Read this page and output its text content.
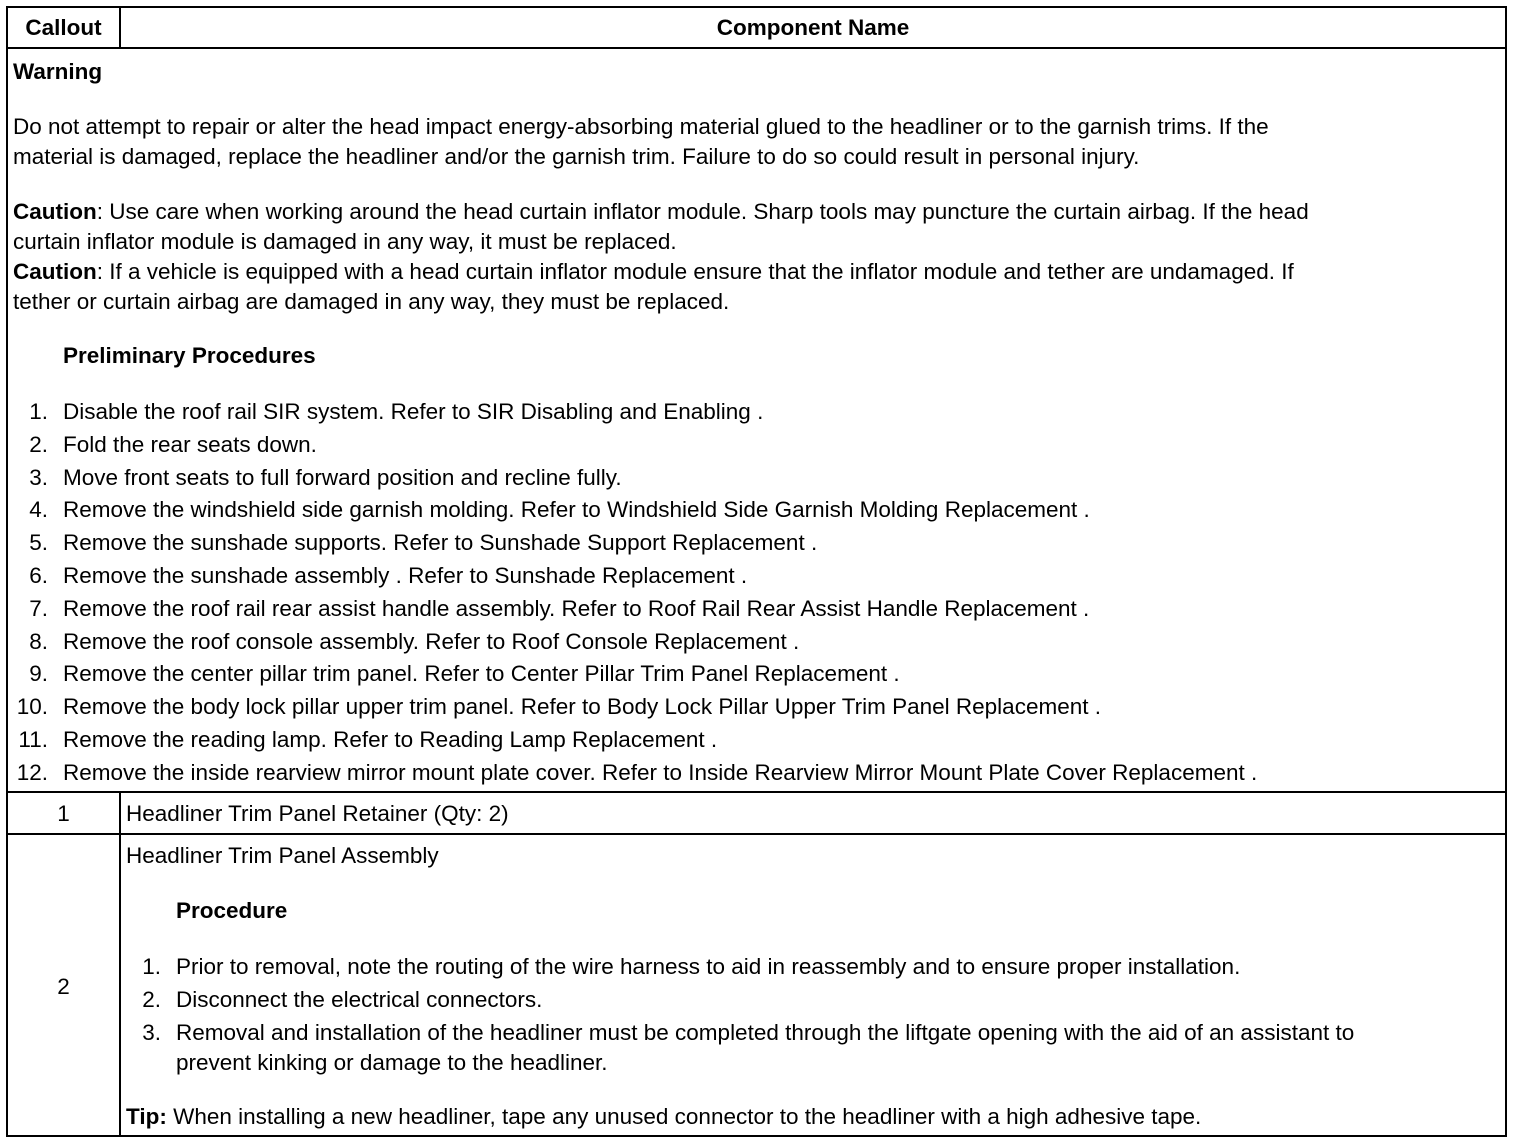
Callout	Component Name
Warning
Do not attempt to repair or alter the head impact energy-absorbing material glued to the headliner or to the garnish trims. If the
material is damaged, replace the headliner and/or the garnish trim. Failure to do so could result in personal injury.
Caution: Use care when working around the head curtain inflator module. Sharp tools may puncture the curtain airbag. If the head
curtain inflator module is damaged in any way, it must be replaced.
Caution: If a vehicle is equipped with a head curtain inflator module ensure that the inflator module and tether are undamaged. If
tether or curtain airbag are damaged in any way, they must be replaced.
Preliminary Procedures
1. Disable the roof rail SIR system. Refer to SIR Disabling and Enabling .
2. Fold the rear seats down.
3. Move front seats to full forward position and recline fully.
4. Remove the windshield side garnish molding. Refer to Windshield Side Garnish Molding Replacement .
5. Remove the sunshade supports. Refer to Sunshade Support Replacement .
6. Remove the sunshade assembly . Refer to Sunshade Replacement .
7. Remove the roof rail rear assist handle assembly. Refer to Roof Rail Rear Assist Handle Replacement .
8. Remove the roof console assembly. Refer to Roof Console Replacement .
9. Remove the center pillar trim panel. Refer to Center Pillar Trim Panel Replacement .
10. Remove the body lock pillar upper trim panel. Refer to Body Lock Pillar Upper Trim Panel Replacement .
11. Remove the reading lamp. Refer to Reading Lamp Replacement .
12. Remove the inside rearview mirror mount plate cover. Refer to Inside Rearview Mirror Mount Plate Cover Replacement .
1	Headliner Trim Panel Retainer (Qty: 2)
2
Headliner Trim Panel Assembly
Procedure
1. Prior to removal, note the routing of the wire harness to aid in reassembly and to ensure proper installation.
2. Disconnect the electrical connectors.
3. Removal and installation of the headliner must be completed through the liftgate opening with the aid of an assistant to
prevent kinking or damage to the headliner.
Tip: When installing a new headliner, tape any unused connector to the headliner with a high adhesive tape.
